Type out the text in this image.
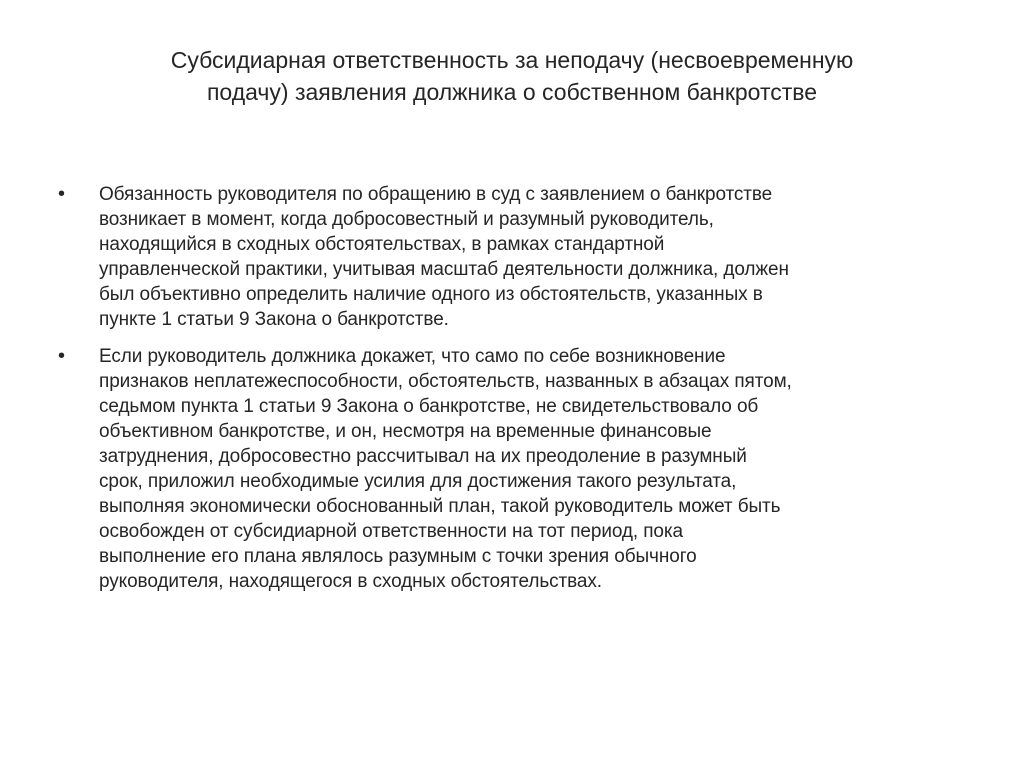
Субсидиарная ответственность за неподачу (несвоевременную
подачу) заявления должника о собственном банкротстве
• Обязанность руководителя по обращению в суд с заявлением о банкротстве
возникает в момент, когда добросовестный и разумный руководитель,
находящийся в сходных обстоятельствах, в рамках стандартной
управленческой практики, учитывая масштаб деятельности должника, должен
был объективно определить наличие одного из обстоятельств, указанных в
пункте 1 статьи 9 Закона о банкротстве.
• Если руководитель должника докажет, что само по себе возникновение
признаков неплатежеспособности, обстоятельств, названных в абзацах пятом,
седьмом пункта 1 статьи 9 Закона о банкротстве, не свидетельствовало об
объективном банкротстве, и он, несмотря на временные финансовые
затруднения, добросовестно рассчитывал на их преодоление в разумный
срок, приложил необходимые усилия для достижения такого результата,
выполняя экономически обоснованный план, такой руководитель может быть
освобожден от субсидиарной ответственности на тот период, пока
выполнение его плана являлось разумным с точки зрения обычного
руководителя, находящегося в сходных обстоятельствах.
